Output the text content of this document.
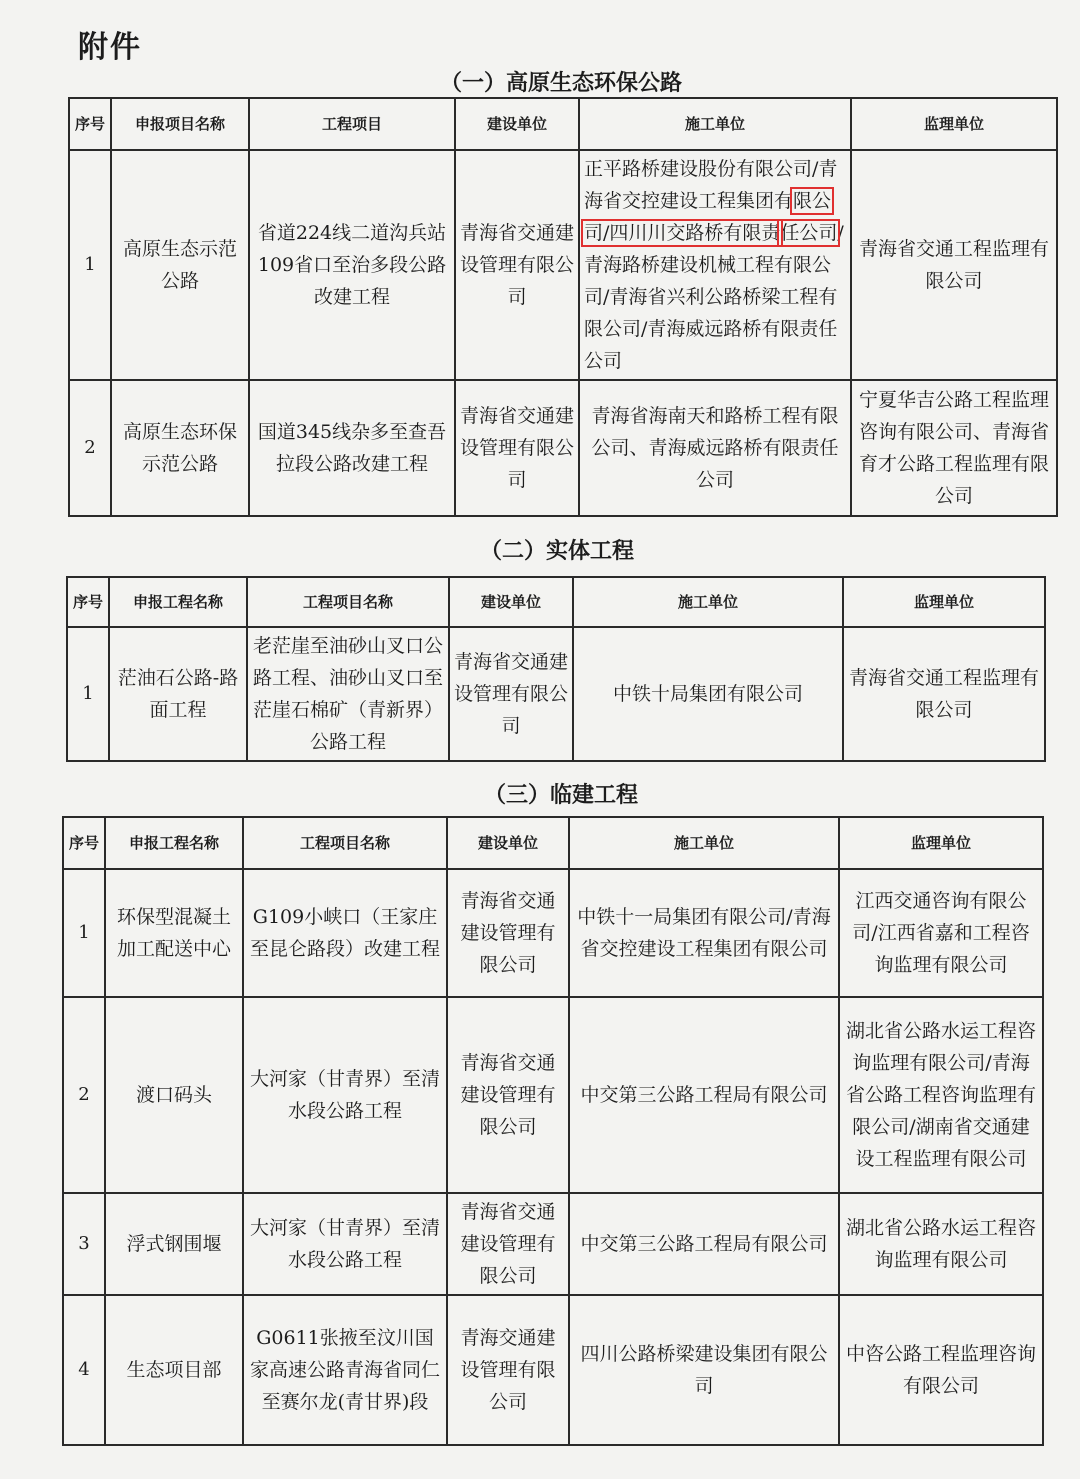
附件
（一）高原生态环保公路
序号	申报项目名称	工程项目	建设单位	施工单位	监理单位
1	高原生态示范公路	省道224线二道沟兵站109省口至治多段公路改建工程	青海省交通建设管理有限公司	正平路桥建设股份有限公司/青海省交控建设工程集团有限公司/四川川交路桥有限责任公司/青海路桥建设机械工程有限公司/青海省兴利公路桥梁工程有限公司/青海威远路桥有限责任公司	青海省交通工程监理有限公司
2	高原生态环保示范公路	国道345线杂多至查吾拉段公路改建工程	青海省交通建设管理有限公司	青海省海南天和路桥工程有限公司、青海威远路桥有限责任公司	宁夏华吉公路工程监理咨询有限公司、青海省育才公路工程监理有限公司
（二）实体工程
序号	申报工程名称	工程项目名称	建设单位	施工单位	监理单位
1	茫油石公路-路面工程	老茫崖至油砂山叉口公路工程、油砂山叉口至茫崖石棉矿（青新界）公路工程	青海省交通建设管理有限公司	中铁十局集团有限公司	青海省交通工程监理有限公司
（三）临建工程
序号	申报工程名称	工程项目名称	建设单位	施工单位	监理单位
1	环保型混凝土加工配送中心	G109小峡口（王家庄至昆仑路段）改建工程	青海省交通建设管理有限公司	中铁十一局集团有限公司/青海省交控建设工程集团有限公司	江西交通咨询有限公司/江西省嘉和工程咨询监理有限公司
2	渡口码头	大河家（甘青界）至清水段公路工程	青海省交通建设管理有限公司	中交第三公路工程局有限公司	湖北省公路水运工程咨询监理有限公司/青海省公路工程咨询监理有限公司/湖南省交通建设工程监理有限公司
3	浮式钢围堰	大河家（甘青界）至清水段公路工程	青海省交通建设管理有限公司	中交第三公路工程局有限公司	湖北省公路水运工程咨询监理有限公司
4	生态项目部	G0611张掖至汶川国家高速公路青海省同仁至赛尔龙(青甘界)段	青海交通建设管理有限公司	四川公路桥梁建设集团有限公司	中咨公路工程监理咨询有限公司
